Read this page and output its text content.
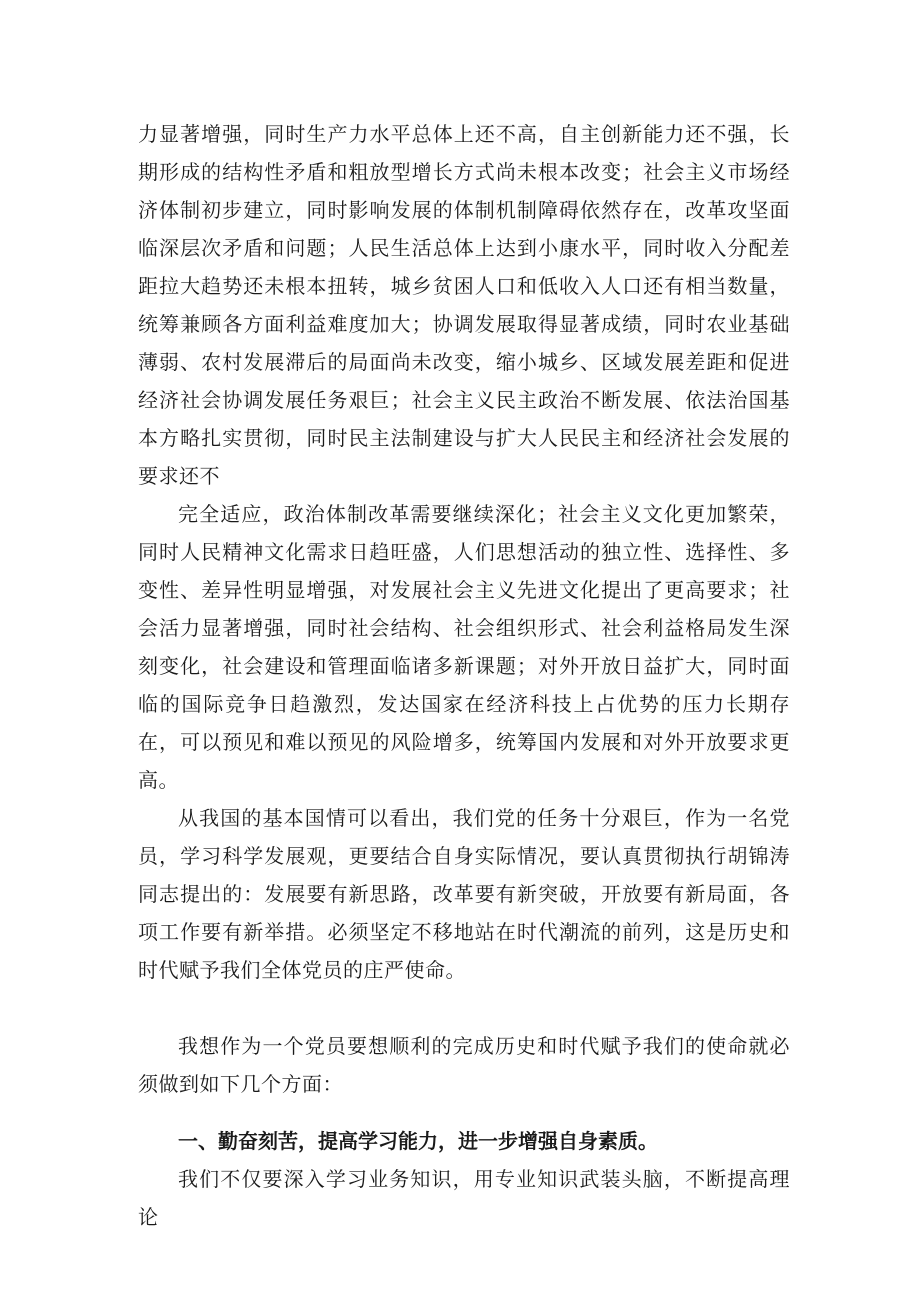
力显著增强，同时生产力水平总体上还不高，自主创新能力还不强，长期形成的结构性矛盾和粗放型增长方式尚未根本改变；社会主义市场经济体制初步建立，同时影响发展的体制机制障碍依然存在，改革攻坚面临深层次矛盾和问题；人民生活总体上达到小康水平，同时收入分配差距拉大趋势还未根本扭转，城乡贫困人口和低收入人口还有相当数量，统筹兼顾各方面利益难度加大；协调发展取得显著成绩，同时农业基础薄弱、农村发展滞后的局面尚未改变，缩小城乡、区域发展差距和促进经济社会协调发展任务艰巨；社会主义民主政治不断发展、依法治国基本方略扎实贯彻，同时民主法制建设与扩大人民民主和经济社会发展的要求还不

完全适应，政治体制改革需要继续深化；社会主义文化更加繁荣，同时人民精神文化需求日趋旺盛，人们思想活动的独立性、选择性、多变性、差异性明显增强，对发展社会主义先进文化提出了更高要求；社会活力显著增强，同时社会结构、社会组织形式、社会利益格局发生深刻变化，社会建设和管理面临诸多新课题；对外开放日益扩大，同时面临的国际竞争日趋激烈，发达国家在经济科技上占优势的压力长期存在，可以预见和难以预见的风险增多，统筹国内发展和对外开放要求更高。

从我国的基本国情可以看出，我们党的任务十分艰巨，作为一名党员，学习科学发展观，更要结合自身实际情况，要认真贯彻执行胡锦涛同志提出的：发展要有新思路，改革要有新突破，开放要有新局面，各项工作要有新举措。必须坚定不移地站在时代潮流的前列，这是历史和时代赋予我们全体党员的庄严使命。

我想作为一个党员要想顺利的完成历史和时代赋予我们的使命就必须做到如下几个方面：

一、勤奋刻苦，提高学习能力，进一步增强自身素质。

我们不仅要深入学习业务知识，用专业知识武装头脑，不断提高理论
